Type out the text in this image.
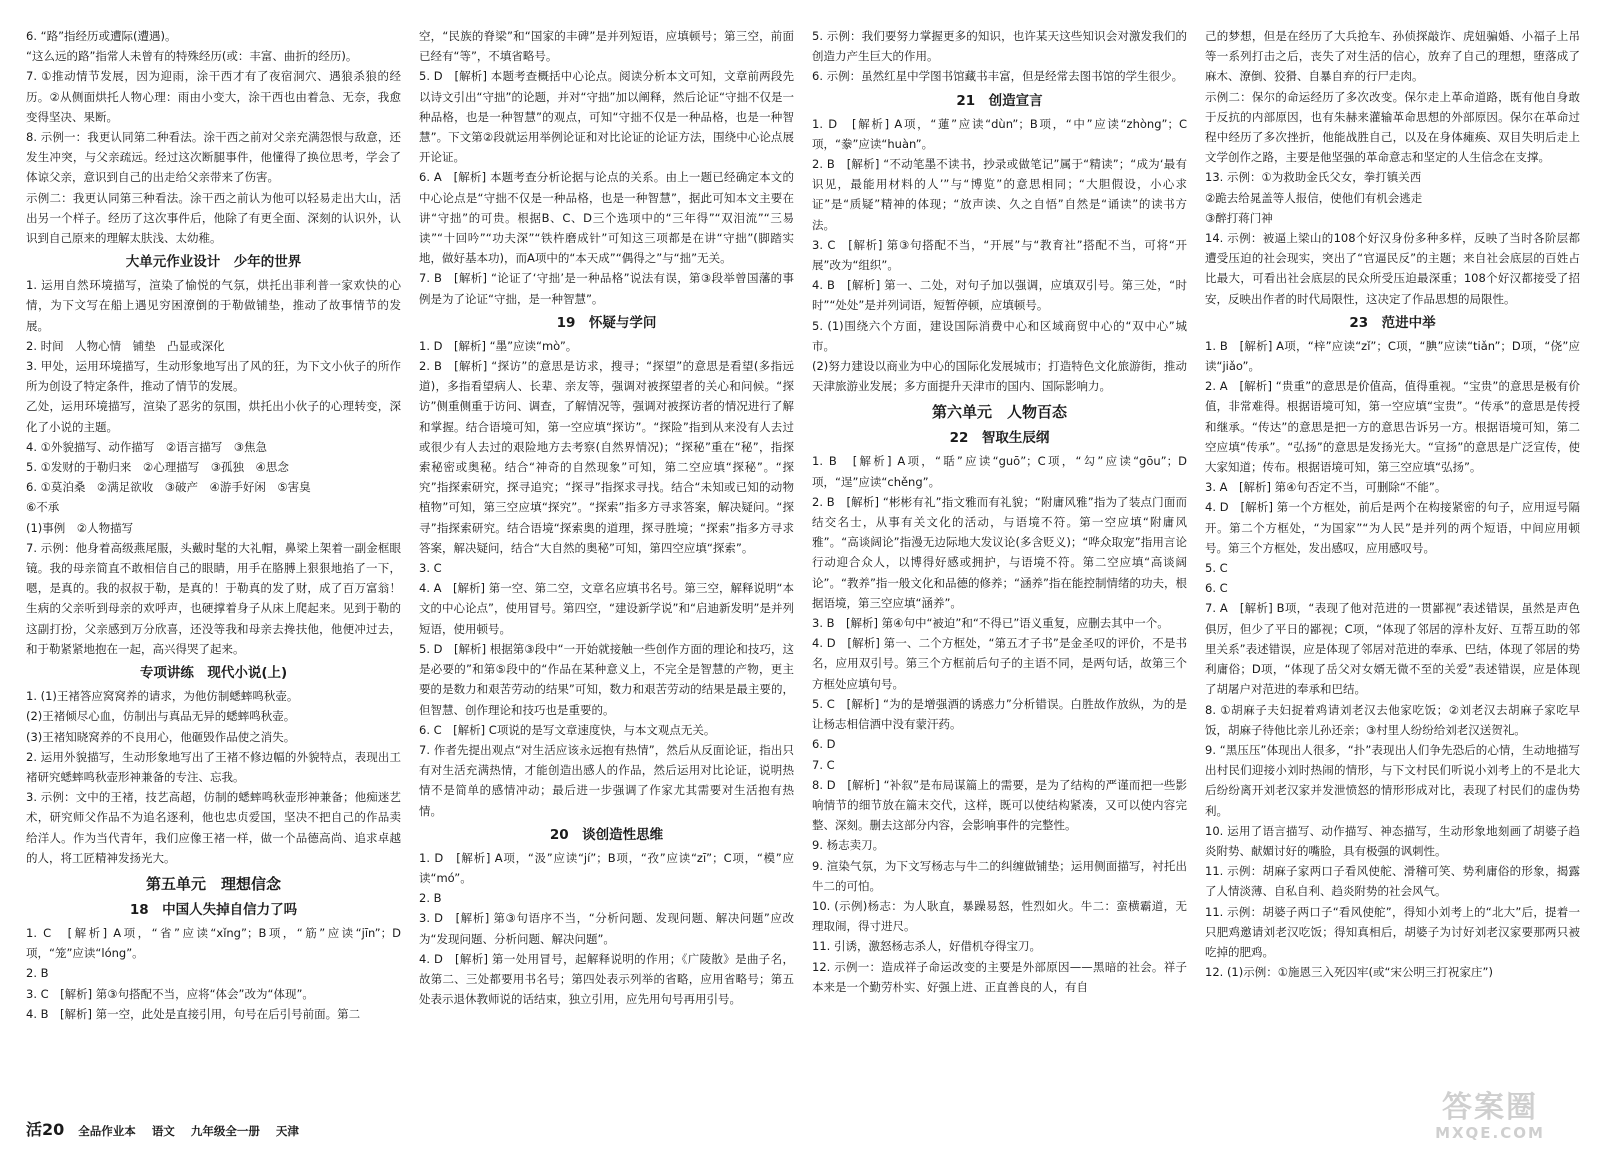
6. “路”指经历或遭际(遭遇)。

“这么远的路”指常人未曾有的特殊经历(或：丰富、曲折的经历)。

7. ①推动情节发展，因为迎雨，涂干西才有了夜宿洞穴、遇狼杀狼的经历。②从侧面烘托人物心理：雨由小变大，涂干西也由着急、无奈，我愈变得坚决、果断。

8. 示例一：我更认同第二种看法。涂干西之前对父亲充满怨恨与敌意，还发生冲突，与父亲疏远。经过这次断腿事件，他懂得了换位思考，学会了体谅父亲，意识到自己的出走给父亲带来了伤害。

示例二：我更认同第三种看法。涂干西之前认为他可以轻易走出大山，活出另一个样子。经历了这次事件后，他除了有更全面、深刻的认识外，认识到自己原来的理解太肤浅、太幼稚。

大单元作业设计　少年的世界

1. 运用自然环境描写，渲染了愉悦的气氛，烘托出菲利普一家欢快的心情，为下文写在船上遇见穷困潦倒的于勒做铺垫，推动了故事情节的发展。

2. 时间　人物心情　铺垫　凸显或深化

3. 甲处，运用环境描写，生动形象地写出了风的狂，为下文小伙子的所作所为创设了特定条件，推动了情节的发展。

乙处，运用环境描写，渲染了恶劣的氛围，烘托出小伙子的心理转变，深化了小说的主题。

4. ①外貌描写、动作描写　②语言描写　③焦急

5. ①发财的于勒归来　②心理描写　③孤独　④思念

6. ①莫泊桑　②满足欲收　③破产　④游手好闲　⑤害臭

⑥不承

(1)事例　②人物描写

7. 示例：他身着高级燕尾服，头戴时髦的大礼帽，鼻梁上架着一副金框眼镜。我的母亲简直不敢相信自己的眼睛，用手在胳膊上狠狠地掐了一下，嗯，是真的。我的叔叔于勒，是真的！于勒真的发了财，成了百万富翁！生病的父亲听到母亲的欢呼声，也硬撑着身子从床上爬起来。见到于勒的这副打扮，父亲感到万分欣喜，还没等我和母亲去搀扶他，他便冲过去，和于勒紧紧地抱在一起，高兴得哭了起来。

专项讲练　现代小说(上)

1. (1)王褚答应窝窝养的请求，为他仿制蟋蟀鸣秋壶。

(2)王褚倾尽心血，仿制出与真品无异的蟋蟀鸣秋壶。

(3)王褚知晓窝养的不良用心，他砸毁作品使之消失。

2. 运用外貌描写，生动形象地写出了王褚不修边幅的外貌特点，表现出工褚研究蟋蟀鸣秋壶形神兼备的专注、忘我。

3. 示例：文中的王褚，技艺高超，仿制的蟋蟀鸣秋壶形神兼备；他痴迷艺术，研究师父作品不为追名逐利，他也忠贞爱国，坚决不把自己的作品卖给洋人。作为当代青年，我们应像王褚一样，做一个品德高尚、追求卓越的人，将工匠精神发扬光大。

第五单元　理想信念
18　中国人失掉自信力了吗

1. C　[解析] A项，“省”应读“xǐng”；B项，“筋”应读“jīn”；D项，“笼”应读“lóng”。

2. B

3. C　[解析] 第③句搭配不当，应将“体会”改为“体现”。

4. B　[解析] 第一空，此处是直接引用，句号在后引号前面。第二

空，“民族的脊梁”和“国家的丰碑”是并列短语，应填顿号；第三空，前面已经有“等”，不填省略号。

5. D　[解析] 本题考查概括中心论点。阅读分析本文可知，文章前两段先以诗文引出“守拙”的论题，并对“守拙”加以阐释，然后论证“守拙不仅是一种品格，也是一种智慧”的观点，可知“守拙不仅是一种品格，也是一种智慧”。下文第②段就运用举例论证和对比论证的论证方法，围绕中心论点展开论证。

6. A　[解析] 本题考查分析论据与论点的关系。由上一题已经确定本文的中心论点是“守拙不仅是一种品格，也是一种智慧”，据此可知本文主要在讲“守拙”的可贵。根据B、C、D三个选项中的“三年得”“双泪流”“三易读”“十回吟”“功夫深”“铁杵磨成针”可知这三项都是在讲“守拙”(脚踏实地，做好基本功)，而A项中的“本天成”“偶得之”与“拙”无关。

7. B　[解析] “论证了‘守拙’是一种品格”说法有误，第③段举曾国藩的事例是为了论证“守拙，是一种智慧”。

19　怀疑与学问

1. D　[解析] “墨”应读“mò”。

2. B　[解析] “探访”的意思是访求，搜寻；“探望”的意思是看望(多指远道)，多指看望病人、长辈、亲友等，强调对被探望者的关心和问候。“探访”侧重侧重于访问、调查，了解情况等，强调对被探访者的情况进行了解和掌握。结合语境可知，第一空应填“探访”。“探险”指到从来没有人去过或很少有人去过的艰险地方去考察(自然界情况)；“探秘”重在“秘”，指探索秘密或奥秘。结合“神奇的自然现象”可知，第二空应填“探秘”。“探究”指探索研究，探寻追究；“探寻”指探求寻找。结合“未知或已知的动物植物”可知，第三空应填“探究”。“探索”指多方寻求答案，解决疑问。“探寻”指探索研究。结合语境“探索奥的道理，探寻胜境；“探索”指多方寻求答案，解决疑问，结合“大自然的奥秘”可知，第四空应填“探索”。

3. C

4. A　[解析] 第一空、第二空，文章名应填书名号。第三空，解释说明“本文的中心论点”，使用冒号。第四空，“建设新学说”和“启迪新发明”是并列短语，使用顿号。

5. D　[解析] 根据第③段中“一开始就接触一些创作方面的理论和技巧，这是必要的”和第⑤段中的“作品在某种意义上，不完全是智慧的产物，更主要的是数力和艰苦劳动的结果”可知，数力和艰苦劳动的结果是最主要的，但智慧、创作理论和技巧也是重要的。

6. C　[解析] C项说的是写文章速度快，与本文观点无关。

7. 作者先提出观点“对生活应该永远抱有热情”，然后从反面论证，指出只有对生活充满热情，才能创造出感人的作品，然后运用对比论证，说明热情不是简单的感情冲动；最后进一步强调了作家尤其需要对生活抱有热情。

20　谈创造性思维

1. D　[解析] A项，“汲”应读“jí”；B项，“孜”应读“zī”；C项，“模”应读“mó”。

2. B

3. D　[解析] 第③句语序不当，“分析问题、发现问题、解决问题”应改为“发现问题、分析问题、解决问题”。

4. D　[解析] 第一处用冒号，起解释说明的作用；《广陵散》是曲子名，故第二、三处都要用书名号；第四处表示列举的省略，应用省略号；第五处表示退休教师说的话结束，独立引用，应先用句号再用引号。

5. 示例：我们要努力掌握更多的知识，也许某天这些知识会对激发我们的创造力产生巨大的作用。

6. 示例：虽然红星中学图书馆藏书丰富，但是经常去图书馆的学生很少。

21　创造宣言

1. D　[解析] A项，“蓮”应读“dùn”；B项，“中”应读“zhòng”；C项，“豢”应读“huàn”。

2. B　[解析] “不动笔墨不读书，抄录或做笔记”属于“精读”；“成为‘最有识见，最能用材料的人’”与“博览”的意思相同；“大胆假设，小心求证”是“质疑”精神的体现；“放声读、久之自悟”自然是“诵读”的读书方法。

3. C　[解析] 第③句搭配不当，“开展”与“教育社”搭配不当，可将“开展”改为“组织”。

4. B　[解析] 第一、二处，对句子加以强调，应填双引号。第三处，“时时”“处处”是并列词语，短暂停顿，应填顿号。

5. (1)围绕六个方面，建设国际消费中心和区域商贸中心的“双中心”城市。

(2)努力建设以商业为中心的国际化发展城市；打造特色文化旅游街，推动天津旅游业发展；多方面提升天津市的国内、国际影响力。

第六单元　人物百态
22　智取生辰纲

1. B　[解析] A项，“聒”应读“guō”；C项，“勾”应读“gōu”；D项，“逞”应读“chěng”。

2. B　[解析] “彬彬有礼”指文雅而有礼貌；“附庸风雅”指为了装点门面而结交名士，从事有关文化的活动，与语境不符。第一空应填“附庸风雅”。“高谈阔论”指漫无边际地大发议论(多含贬义)；“哗众取宠”指用言论行动迎合众人，以博得好感或拥护，与语境不符。第二空应填“高谈阔论”。“教养”指一般文化和品德的修养；“涵养”指在能控制情绪的功夫，根据语境，第三空应填“涵养”。

3. B　[解析] 第④句中“被迫”和“不得已”语义重复，应删去其中一个。

4. D　[解析] 第一、二个方框处，“第五才子书”是金圣叹的评价，不是书名，应用双引号。第三个方框前后句子的主语不同，是两句话，故第三个方框处应填句号。

5. C　[解析] “为的是增强酒的诱惑力”分析错误。白胜故作放纵，为的是让杨志相信酒中没有蒙汗药。

6. D

7. C

8. D　[解析] “补叙”是布局谋篇上的需要，是为了结构的严谨而把一些影响情节的细节放在篇末交代，这样，既可以使结构紧凑，又可以使内容完整、深刻。删去这部分内容，会影响事件的完整性。

9. 杨志卖刀。

9. 渲染气氛，为下文写杨志与牛二的纠缠做铺垫；运用侧面描写，衬托出牛二的可怕。

10. (示例)杨志：为人耿直，暴躁易怒，性烈如火。牛二：蛮横霸道，无理取闹，得寸进尺。

11. 引诱，激怒杨志杀人，好借机夺得宝刀。

12. 示例一：造成祥子命运改变的主要是外部原因——黑暗的社会。祥子本来是一个勤劳朴实、好强上进、正直善良的人，有自

己的梦想，但是在经历了大兵抢车、孙侦探敲诈、虎妞骗婚、小福子上吊等一系列打击之后，丧失了对生活的信心，放弃了自己的理想，堕落成了麻木、潦倒、狡猾、自暴自弃的行尸走肉。

示例二：保尔的命运经历了多次改变。保尔走上革命道路，既有他自身敢于反抗的内部原因，也有朱赫来灌输革命思想的外部原因。保尔在革命过程中经历了多次挫折，他能战胜自己，以及在身体瘫痪、双目失明后走上文学创作之路，主要是他坚强的革命意志和坚定的人生信念在支撑。

13. 示例：①为救助金氏父女，拳打镇关西

②跪去给晁盖等人报信，使他们有机会逃走

③醉打蒋门神

14. 示例：被逼上梁山的108个好汉身份多种多样，反映了当时各阶层都遭受压迫的社会现实，突出了“官逼民反”的主题；来自社会底层的百姓占比最大，可看出社会底层的民众所受压迫最深重；108个好汉都接受了招安，反映出作者的时代局限性，这决定了作品思想的局限性。

23　范进中举

1. B　[解析] A项，“梓”应读“zǐ”；C项，“腆”应读“tiǎn”；D项，“侥”应读“jiǎo”。

2. A　[解析] “贵重”的意思是价值高，值得重视。“宝贵”的意思是极有价值，非常难得。根据语境可知，第一空应填“宝贵”。“传承”的意思是传授和继承。“传达”的意思是把一方的意思告诉另一方。根据语境可知，第二空应填“传承”。“弘扬”的意思是发扬光大。“宣扬”的意思是广泛宣传，使大家知道；传布。根据语境可知，第三空应填“弘扬”。

3. A　[解析] 第④句否定不当，可删除“不能”。

4. D　[解析] 第一个方框处，前后是两个在构接紧密的句子，应用逗号隔开。第二个方框处，“为国家”“为人民”是并列的两个短语，中间应用顿号。第三个方框处，发出感叹，应用感叹号。

5. C

6. C

7. A　[解析] B项，“表现了他对范进的一贯鄙视”表述错误，虽然是声色俱厉，但少了平日的鄙视；C项，“体现了邻居的淳朴友好、互帮互助的邻里关系”表述错误，应是体现了邻居对范进的奉承、巴结，体现了邻居的势利庸俗；D项，“体现了岳父对女婿无微不至的关爱”表述错误，应是体现了胡屠户对范进的奉承和巴结。

8. ①胡麻子夫妇捉着鸡请刘老汉去他家吃饭；②刘老汉去胡麻子家吃早饭，胡麻子待他比亲儿孙还亲；③村里人纷纷给刘老汉送贺礼。

9. “黑压压”体现出人很多，“扑”表现出人们争先恐后的心情，生动地描写出村民们迎接小刘时热闹的情形，与下文村民们听说小刘考上的不是北大后纷纷离开刘老汉家并发泄愤怒的情形形成对比，表现了村民们的虚伪势利。

10. 运用了语言描写、动作描写、神态描写，生动形象地刻画了胡婆子趋炎附势、献媚讨好的嘴脸，具有极强的讽刺性。

11. 示例：胡麻子家两口子看风使舵、滑稽可笑、势利庸俗的形象，揭露了人情淡薄、自私自利、趋炎附势的社会风气。

11. 示例：胡婆子两口子“看风使舵”，得知小刘考上的“北大”后，提着一只肥鸡邀请刘老汉吃饭；得知真相后，胡婆子为讨好刘老汉家要那两只被吃掉的肥鸡。

12. (1)示例：①施恩三入死囚牢(或“宋公明三打祝家庄”)

活20 全品作业本 语文 九年级全一册 天津
答案圈
MXQE.COM
